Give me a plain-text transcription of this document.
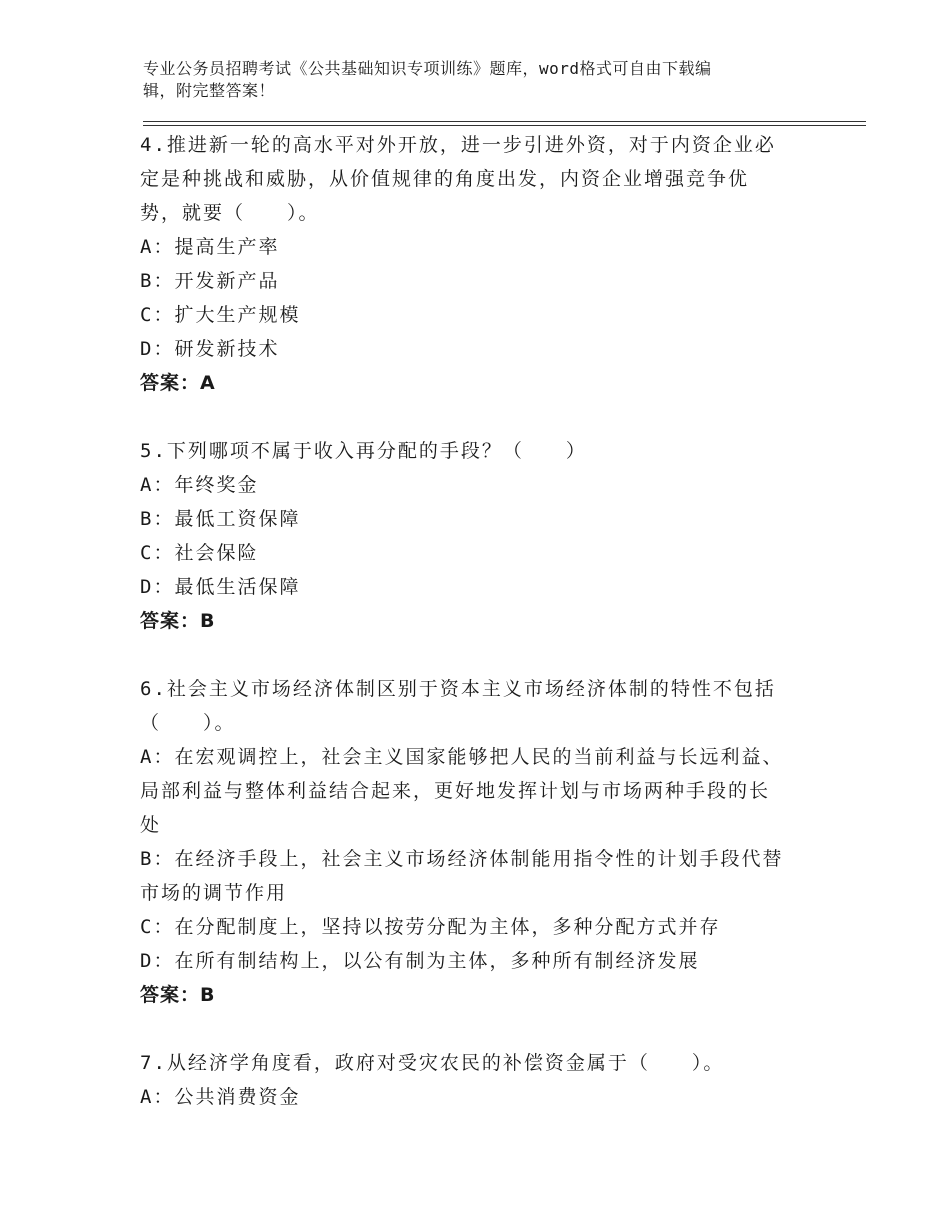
专业公务员招聘考试《公共基础知识专项训练》题库，word格式可自由下载编
辑，附完整答案！
4.推进新一轮的高水平对外开放，进一步引进外资，对于内资企业必
定是种挑战和威胁，从价值规律的角度出发，内资企业增强竞争优
势，就要（　　）。
A：提高生产率
B：开发新产品
C：扩大生产规模
D：研发新技术
答案：A
5.下列哪项不属于收入再分配的手段？（　　）
A：年终奖金
B：最低工资保障
C：社会保险
D：最低生活保障
答案：B
6.社会主义市场经济体制区别于资本主义市场经济体制的特性不包括
（　　）。
A：在宏观调控上，社会主义国家能够把人民的当前利益与长远利益、
局部利益与整体利益结合起来，更好地发挥计划与市场两种手段的长
处
B：在经济手段上，社会主义市场经济体制能用指令性的计划手段代替
市场的调节作用
C：在分配制度上，坚持以按劳分配为主体，多种分配方式并存
D：在所有制结构上，以公有制为主体，多种所有制经济发展
答案：B
7.从经济学角度看，政府对受灾农民的补偿资金属于（　　）。
A：公共消费资金
